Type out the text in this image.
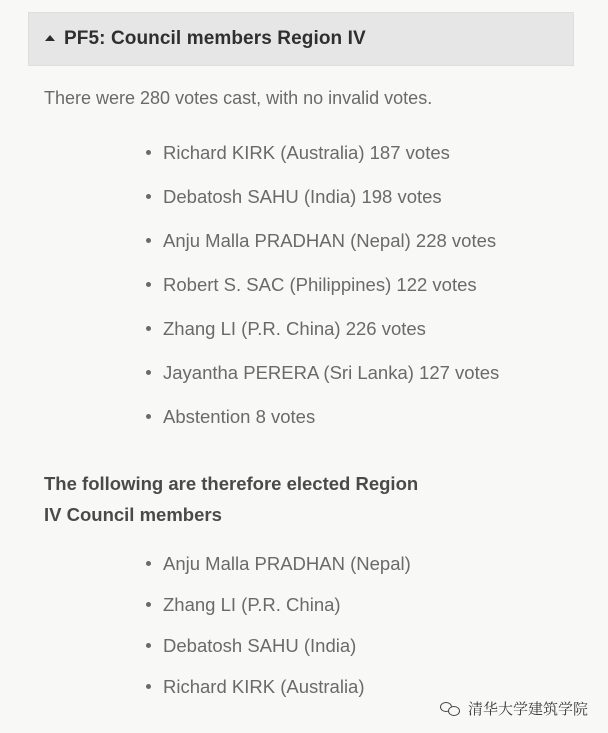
PF5: Council members Region IV
There were 280 votes cast, with no invalid votes.
Richard KIRK (Australia) 187 votes
Debatosh SAHU (India) 198 votes
Anju Malla PRADHAN (Nepal) 228 votes
Robert S. SAC (Philippines) 122 votes
Zhang LI (P.R. China) 226 votes
Jayantha PERERA (Sri Lanka) 127 votes
Abstention 8 votes
The following are therefore elected Region
IV Council members
Anju Malla PRADHAN (Nepal)
Zhang LI (P.R. China)
Debatosh SAHU (India)
Richard KIRK (Australia)
清华大学建筑学院
